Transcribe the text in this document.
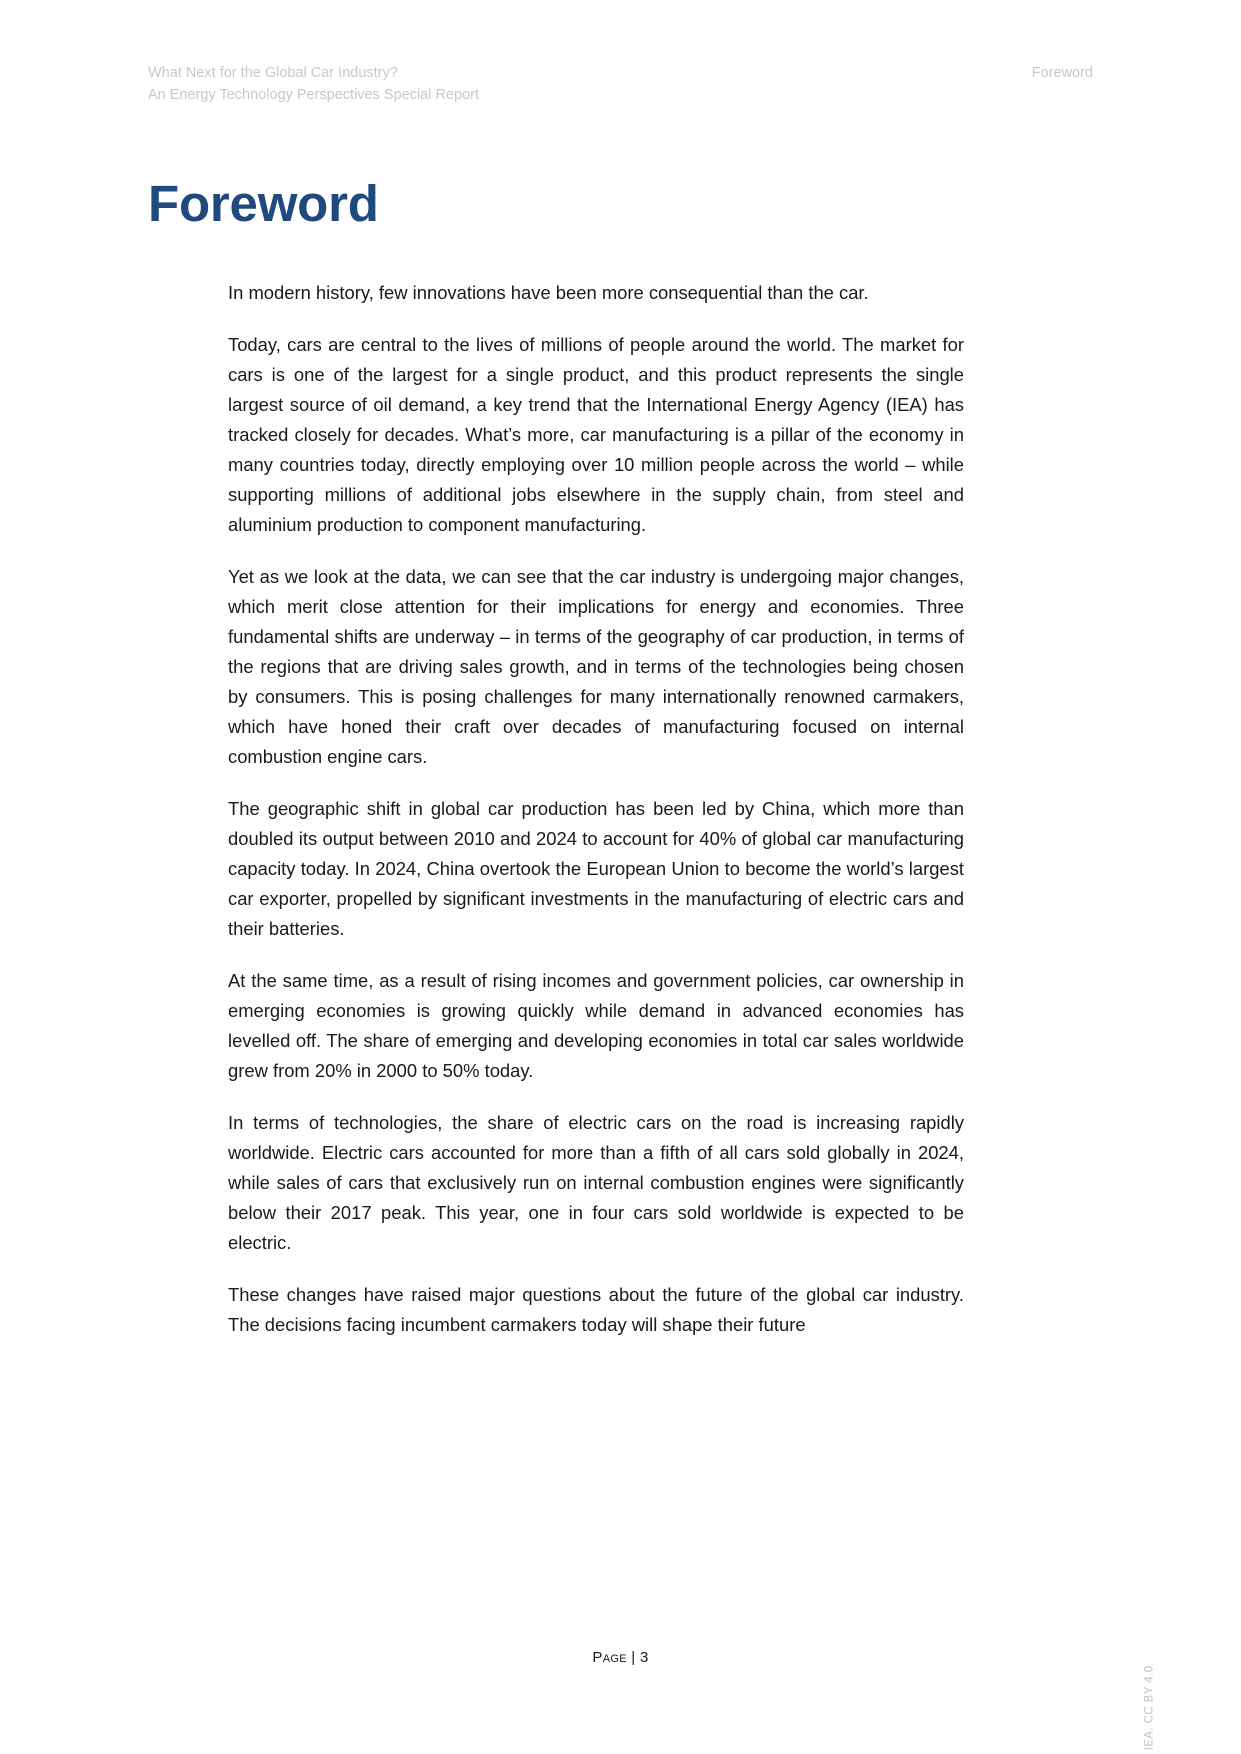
What Next for the Global Car Industry?
An Energy Technology Perspectives Special Report
Foreword
Foreword

In modern history, few innovations have been more consequential than the car.

Today, cars are central to the lives of millions of people around the world. The market for cars is one of the largest for a single product, and this product represents the single largest source of oil demand, a key trend that the International Energy Agency (IEA) has tracked closely for decades. What’s more, car manufacturing is a pillar of the economy in many countries today, directly employing over 10 million people across the world – while supporting millions of additional jobs elsewhere in the supply chain, from steel and aluminium production to component manufacturing.

Yet as we look at the data, we can see that the car industry is undergoing major changes, which merit close attention for their implications for energy and economies. Three fundamental shifts are underway – in terms of the geography of car production, in terms of the regions that are driving sales growth, and in terms of the technologies being chosen by consumers. This is posing challenges for many internationally renowned carmakers, which have honed their craft over decades of manufacturing focused on internal combustion engine cars.

The geographic shift in global car production has been led by China, which more than doubled its output between 2010 and 2024 to account for 40% of global car manufacturing capacity today. In 2024, China overtook the European Union to become the world’s largest car exporter, propelled by significant investments in the manufacturing of electric cars and their batteries.

At the same time, as a result of rising incomes and government policies, car ownership in emerging economies is growing quickly while demand in advanced economies has levelled off. The share of emerging and developing economies in total car sales worldwide grew from 20% in 2000 to 50% today.

In terms of technologies, the share of electric cars on the road is increasing rapidly worldwide. Electric cars accounted for more than a fifth of all cars sold globally in 2024, while sales of cars that exclusively run on internal combustion engines were significantly below their 2017 peak. This year, one in four cars sold worldwide is expected to be electric.

These changes have raised major questions about the future of the global car industry. The decisions facing incumbent carmakers today will shape their future

Page | 3
IEA. CC BY 4.0.
